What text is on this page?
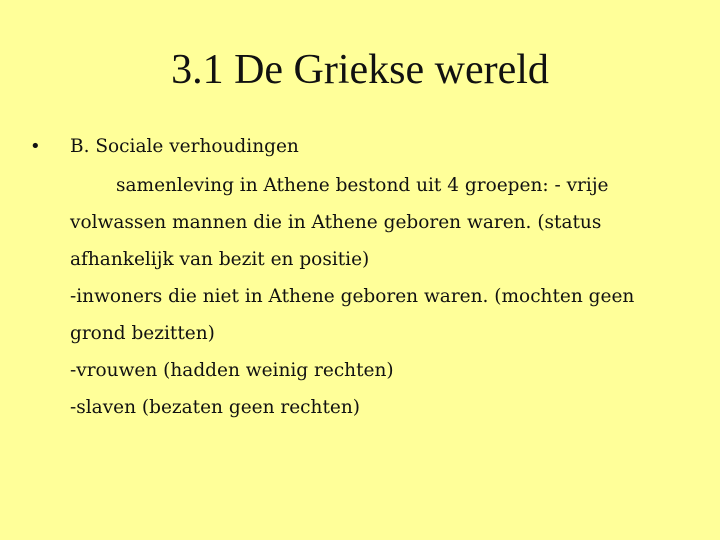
3.1 De Griekse wereld
• B. Sociale verhoudingen

samenleving in Athene bestond uit 4 groepen: - vrije volwassen mannen die in Athene geboren waren. (status afhankelijk van bezit en positie)

-inwoners die niet in Athene geboren waren. (mochten geen grond bezitten)

-vrouwen (hadden weinig rechten)

-slaven (bezaten geen rechten)
